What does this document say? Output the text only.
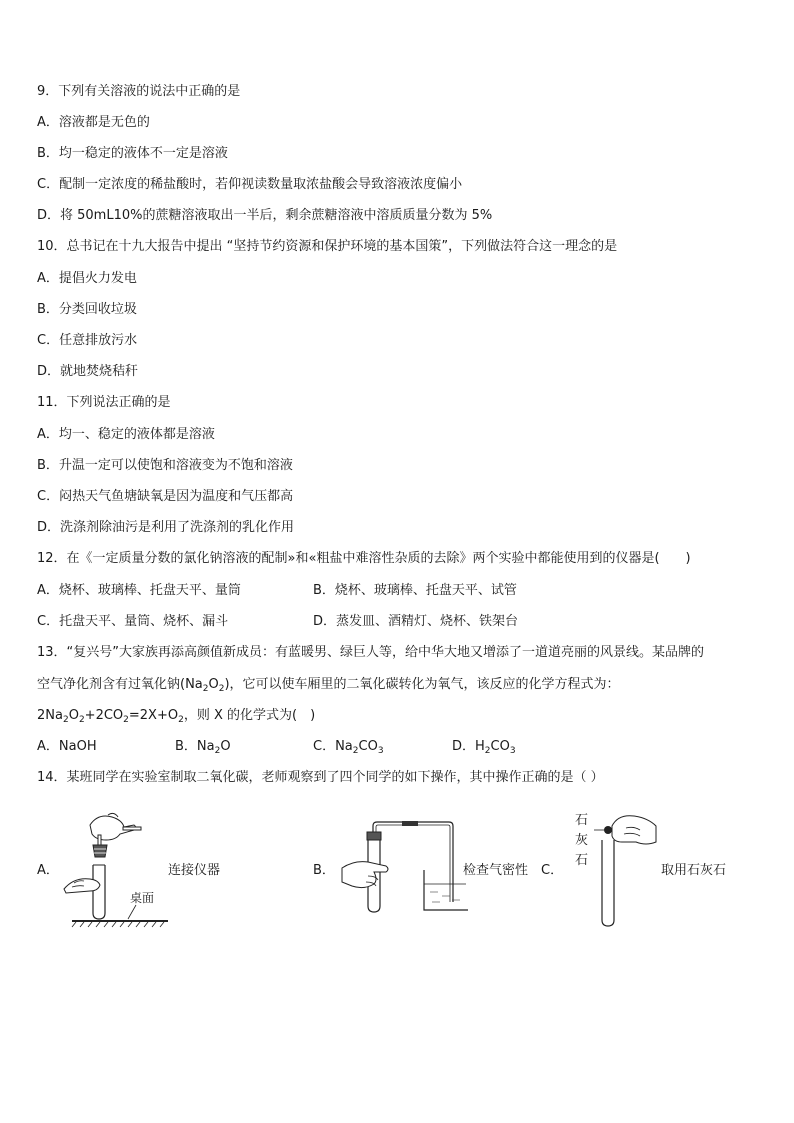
9．下列有关溶液的说法中正确的是
A．溶液都是无色的
B．均一稳定的液体不一定是溶液
C．配制一定浓度的稀盐酸时，若仰视读数量取浓盐酸会导致溶液浓度偏小
D．将 50mL10%的蔗糖溶液取出一半后，剩余蔗糖溶液中溶质质量分数为 5%
10．总书记在十九大报告中提出 “坚持节约资源和保护环境的基本国策”，下列做法符合这一理念的是
A．提倡火力发电
B．分类回收垃圾
C．任意排放污水
D．就地焚烧秸秆
11．下列说法正确的是
A．均一、稳定的液体都是溶液
B．升温一定可以使饱和溶液变为不饱和溶液
C．闷热天气鱼塘缺氧是因为温度和气压都高
D．洗涤剂除油污是利用了洗涤剂的乳化作用
12．在《一定质量分数的氯化钠溶液的配制»和«粗盐中难溶性杂质的去除》两个实验中都能使用到的仪器是(　　)
A．烧杯、玻璃棒、托盘天平、量筒	B．烧杯、玻璃棒、托盘天平、试管
C．托盘天平、量筒、烧杯、漏斗	D．蒸发皿、酒精灯、烧杯、铁架台
13．“复兴号”大家族再添高颜值新成员：有蓝暖男、绿巨人等，给中华大地又增添了一道道亮丽的风景线。某品牌的
空气净化剂含有过氧化钠$(Na_2O_2)$，它可以使车厢里的二氧化碳转化为氧气，该反应的化学方程式为：
$2Na_2O_2+2CO_2=2X+O_2$，则 X 的化学式为(　)
A．NaOH	B．$Na_2O$	C．$Na_2CO_3$	D．$H_2CO_3$
14．某班同学在实验室制取二氧化碳，老师观察到了四个同学的如下操作，其中操作正确的是（ ）
A．
桌面
连接仪器	B．	检查气密性 C．
石
灰
石
取用石灰石
